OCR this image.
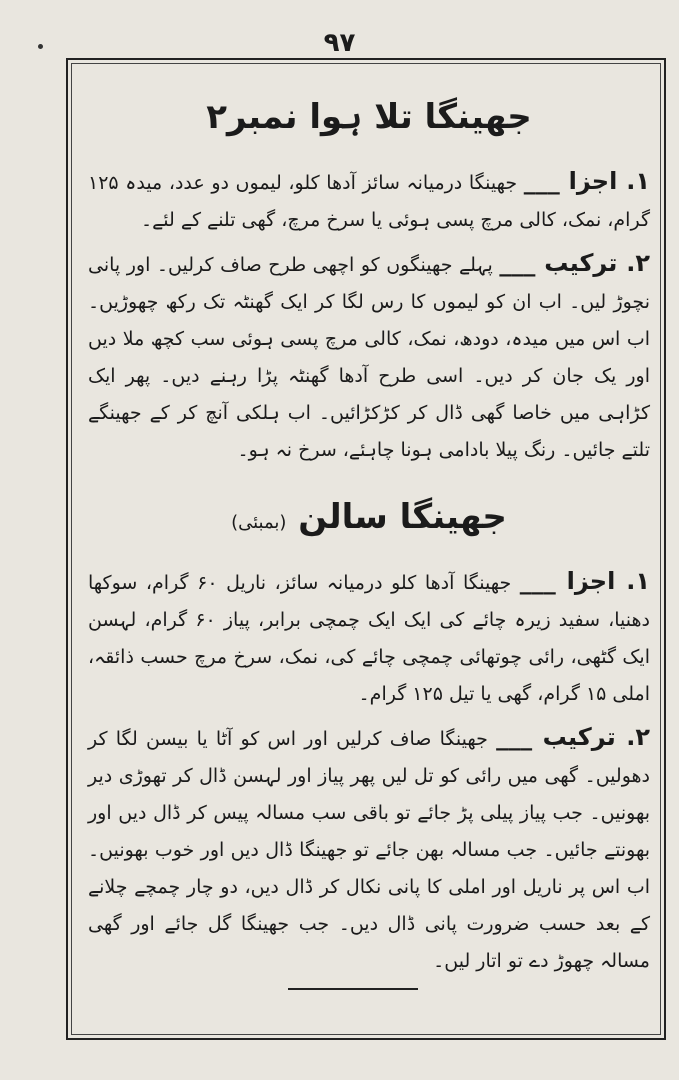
۹۷
جھینگا تلا ہوا نمبر۲

۱. اجزا ___ جھینگا درمیانہ سائز آدھا کلو، لیموں دو عدد، میدہ ۱۲۵ گرام، نمک، کالی مرچ پسی ہوئی یا سرخ مرچ، گھی تلنے کے لئے۔

۲. ترکیب ___ پہلے جھینگوں کو اچھی طرح صاف کرلیں۔ اور پانی نچوڑ لیں۔ اب ان کو لیموں کا رس لگا کر ایک گھنٹہ تک رکھ چھوڑیں۔ اب اس میں میدہ، دودھ، نمک، کالی مرچ پسی ہوئی سب کچھ ملا دیں اور یک جان کر دیں۔ اسی طرح آدھا گھنٹہ پڑا رہنے دیں۔ پھر ایک کڑاہی میں خاصا گھی ڈال کر کڑکڑائیں۔ اب ہلکی آنچ کر کے جھینگے تلتے جائیں۔ رنگ پیلا بادامی ہونا چاہئے، سرخ نہ ہو۔

جھینگا سالن (بمبئی)

۱. اجزا ___ جھینگا آدھا کلو درمیانہ سائز، ناریل ۶۰ گرام، سوکھا دھنیا، سفید زیرہ چائے کی ایک ایک چمچی برابر، پیاز ۶۰ گرام، لہسن ایک گٹھی، رائی چوتھائی چمچی چائے کی، نمک، سرخ مرچ حسب ذائقہ، املی ۱۵ گرام، گھی یا تیل ۱۲۵ گرام۔

۲. ترکیب ___ جھینگا صاف کرلیں اور اس کو آٹا یا بیسن لگا کر دھولیں۔ گھی میں رائی کو تل لیں پھر پیاز اور لہسن ڈال کر تھوڑی دیر بھونیں۔ جب پیاز پیلی پڑ جائے تو باقی سب مسالہ پیس کر ڈال دیں اور بھونتے جائیں۔ جب مسالہ بھن جائے تو جھینگا ڈال دیں اور خوب بھونیں۔ اب اس پر ناریل اور املی کا پانی نکال کر ڈال دیں، دو چار چمچے چلانے کے بعد حسب ضرورت پانی ڈال دیں۔ جب جھینگا گل جائے اور گھی مسالہ چھوڑ دے تو اتار لیں۔
